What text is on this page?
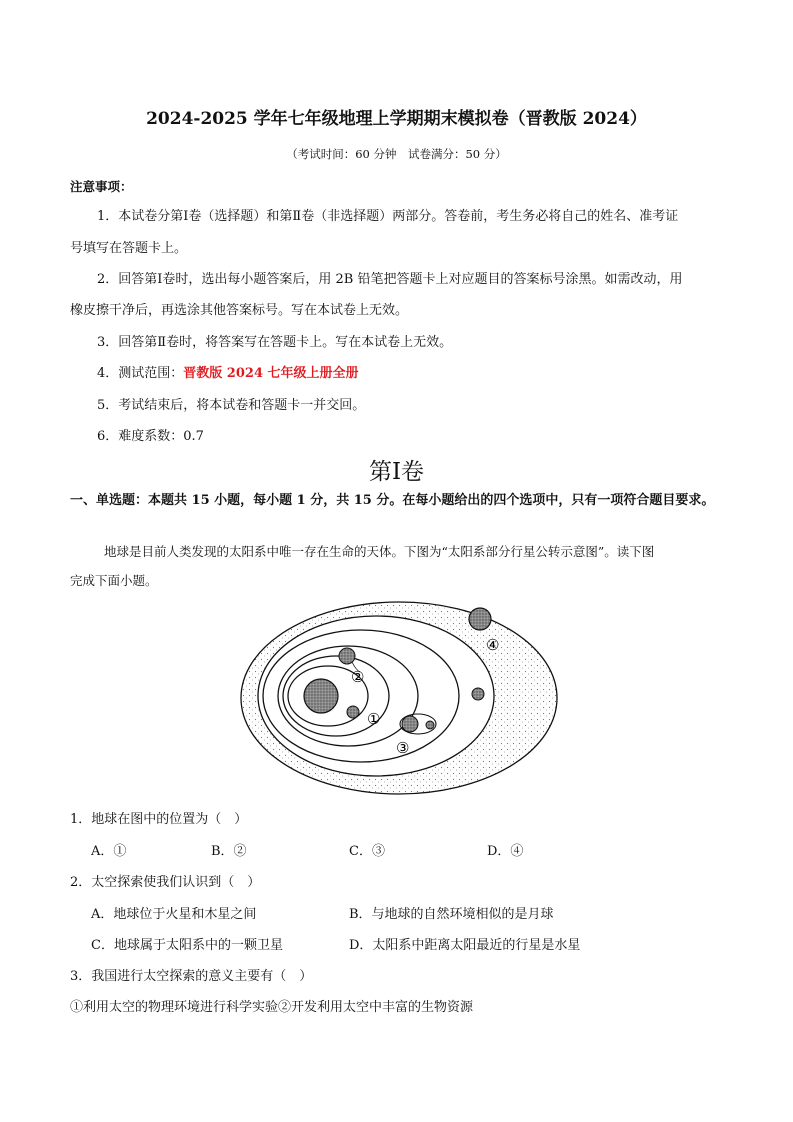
2024-2025 学年七年级地理上学期期末模拟卷（晋教版 2024）
（考试时间：60 分钟　试卷满分：50 分）
注意事项：
1．本试卷分第Ⅰ卷（选择题）和第Ⅱ卷（非选择题）两部分。答卷前，考生务必将自己的姓名、准考证
号填写在答题卡上。
2．回答第Ⅰ卷时，选出每小题答案后，用 2B 铅笔把答题卡上对应题目的答案标号涂黑。如需改动，用
橡皮擦干净后，再选涂其他答案标号。写在本试卷上无效。
3．回答第Ⅱ卷时，将答案写在答题卡上。写在本试卷上无效。
4．测试范围：晋教版 2024 七年级上册全册
5．考试结束后，将本试卷和答题卡一并交回。
6．难度系数：0.7
第Ⅰ卷
一、单选题：本题共 15 小题，每小题 1 分，共 15 分。在每小题给出的四个选项中，只有一项符合题目要求。
地球是目前人类发现的太阳系中唯一存在生命的天体。下图为“太阳系部分行星公转示意图”。读下图
完成下面小题。
①
②
③
④
1．地球在图中的位置为（　）
A．①	B．②	C．③	D．④
2．太空探索使我们认识到（　）
A．地球位于火星和木星之间	B．与地球的自然环境相似的是月球
C．地球属于太阳系中的一颗卫星	D．太阳系中距离太阳最近的行星是水星
3．我国进行太空探索的意义主要有（　）
①利用太空的物理环境进行科学实验②开发利用太空中丰富的生物资源
